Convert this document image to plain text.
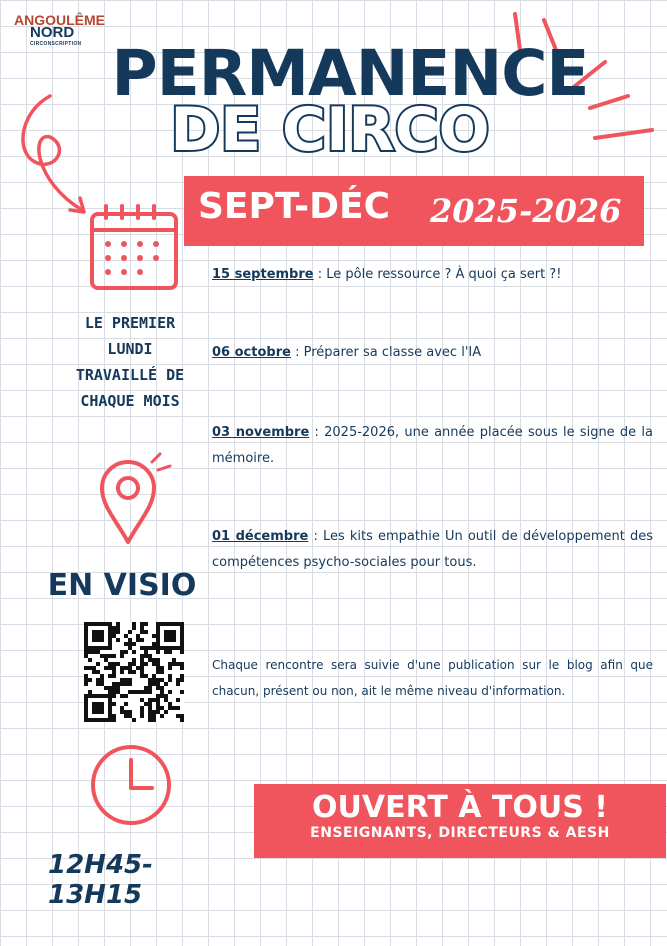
ANGOULÊME
NORD
CIRCONSCRIPTION PERMANENCE
DE CIRCO
SEPT-DÉC 2025-2026
LE PREMIER LUNDI TRAVAILLÉ DE CHAQUE MOIS
EN VISIO
12H45- 13H15
15 septembre : Le pôle ressource ? À quoi ça sert ?!
06 octobre : Préparer sa classe avec l'IA
03 novembre : 2025-2026, une année placée sous le signe de la mémoire.
01 décembre : Les kits empathie Un outil de développement des compétences psycho-sociales pour tous.
Chaque rencontre sera suivie d'une publication sur le blog afin que chacun, présent ou non, ait le même niveau d'information.
OUVERT À TOUS !
ENSEIGNANTS, DIRECTEURS & AESH
